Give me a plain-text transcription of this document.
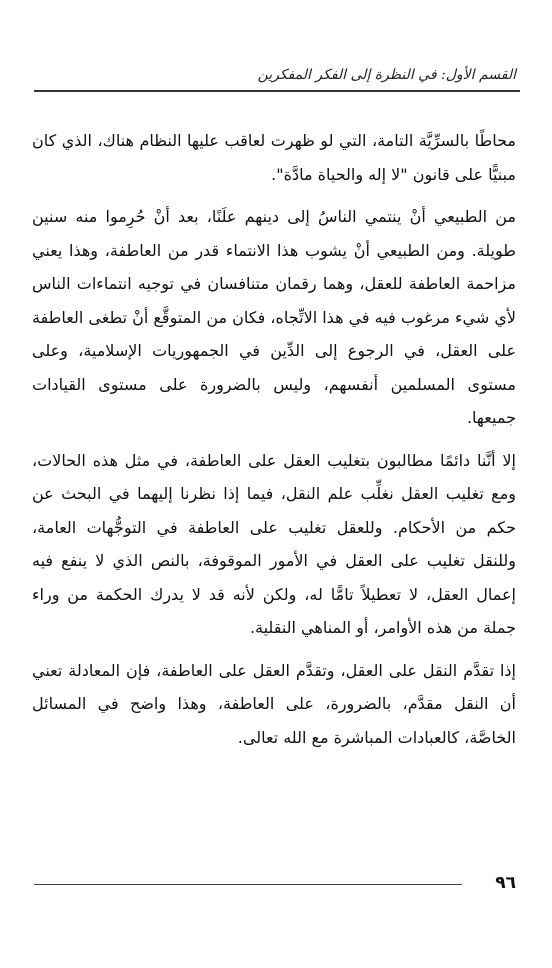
القسم الأول: في النظرة إلى الفكر المفكرين

محاطًا بالسرِّيَّة التامة، التي لو ظهرت لعاقب عليها النظام هناك، الذي كان مبنيًّا على قانون "لا إله والحياة مادَّة".

من الطبيعي أنْ ينتمي الناسُ إلى دينهم علَنًا، بعد أنْ حُرِموا منه سنين طويلة. ومن الطبيعي أنْ يشوب هذا الانتماء قدر من العاطفة، وهذا يعني مزاحمة العاطفة للعقل، وهما رقمان متنافسان في توجيه انتماءات الناس لأي شيء مرغوب فيه في هذا الاتِّجاه، فكان من المتوقَّع أنْ تطغى العاطفة على العقل، في الرجوع إلى الدِّين في الجمهوريات الإسلامية، وعلى مستوى المسلمين أنفسهم، وليس بالضرورة على مستوى القيادات جميعها.

إلا أنَّنا دائمًا مطالبون بتغليب العقل على العاطفة، في مثل هذه الحالات، ومع تغليب العقل نغلِّب علم النقل، فيما إذا نظرنا إليهما في البحث عن حكم من الأحكام. وللعقل تغليب على العاطفة في التوجُّهات العامة، وللنقل تغليب على العقل في الأمور الموقوفة، بالنص الذي لا ينفع فيه إعمال العقل، لا تعطيلاً تامًّا له، ولكن لأنه قد لا يدرك الحكمة من وراء جملة من هذه الأوامر، أو المناهي النقلية.

إذا تقدَّم النقل على العقل، وتقدَّم العقل على العاطفة، فإن المعادلة تعني أن النقل مقدَّم، بالضرورة، على العاطفة، وهذا واضح في المسائل الخاصَّة، كالعبادات المباشرة مع الله تعالى.

٩٦
